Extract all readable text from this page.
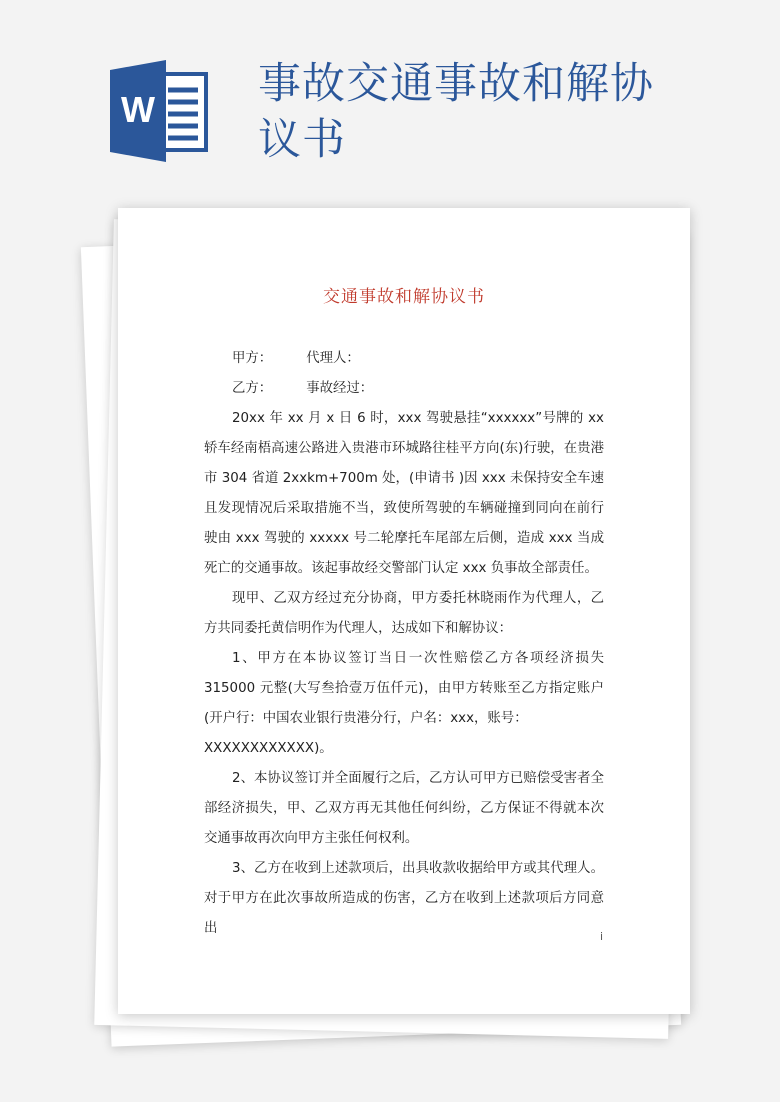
W
事故交通事故和解协议书
交通事故和解协议书

甲方：        代理人：

乙方：        事故经过：

20xx 年 xx 月 x 日 6 时，xxx 驾驶悬挂“xxxxxx”号牌的 xx 轿车经南梧高速公路进入贵港市环城路往桂平方向(东)行驶，在贵港市 304 省道 2xxkm+700m 处，(申请书 )因 xxx 未保持安全车速且发现情况后采取措施不当，致使所驾驶的车辆碰撞到同向在前行驶由 xxx 驾驶的 xxxxx 号二轮摩托车尾部左后侧，造成 xxx 当成死亡的交通事故。该起事故经交警部门认定 xxx 负事故全部责任。

现甲、乙双方经过充分协商，甲方委托林晓雨作为代理人，乙方共同委托黄信明作为代理人，达成如下和解协议：

1、甲方在本协议签订当日一次性赔偿乙方各项经济损失 315000 元整(大写叁拾壹万伍仟元)，由甲方转账至乙方指定账户(开户行：中国农业银行贵港分行，户名：xxx，账号：

XXXXXXXXXXXX)。

2、本协议签订并全面履行之后，乙方认可甲方已赔偿受害者全部经济损失，甲、乙双方再无其他任何纠纷，乙方保证不得就本次交通事故再次向甲方主张任何权利。

3、乙方在收到上述款项后，出具收款收据给甲方或其代理人。对于甲方在此次事故所造成的伤害，乙方在收到上述款项后方同意出

i
